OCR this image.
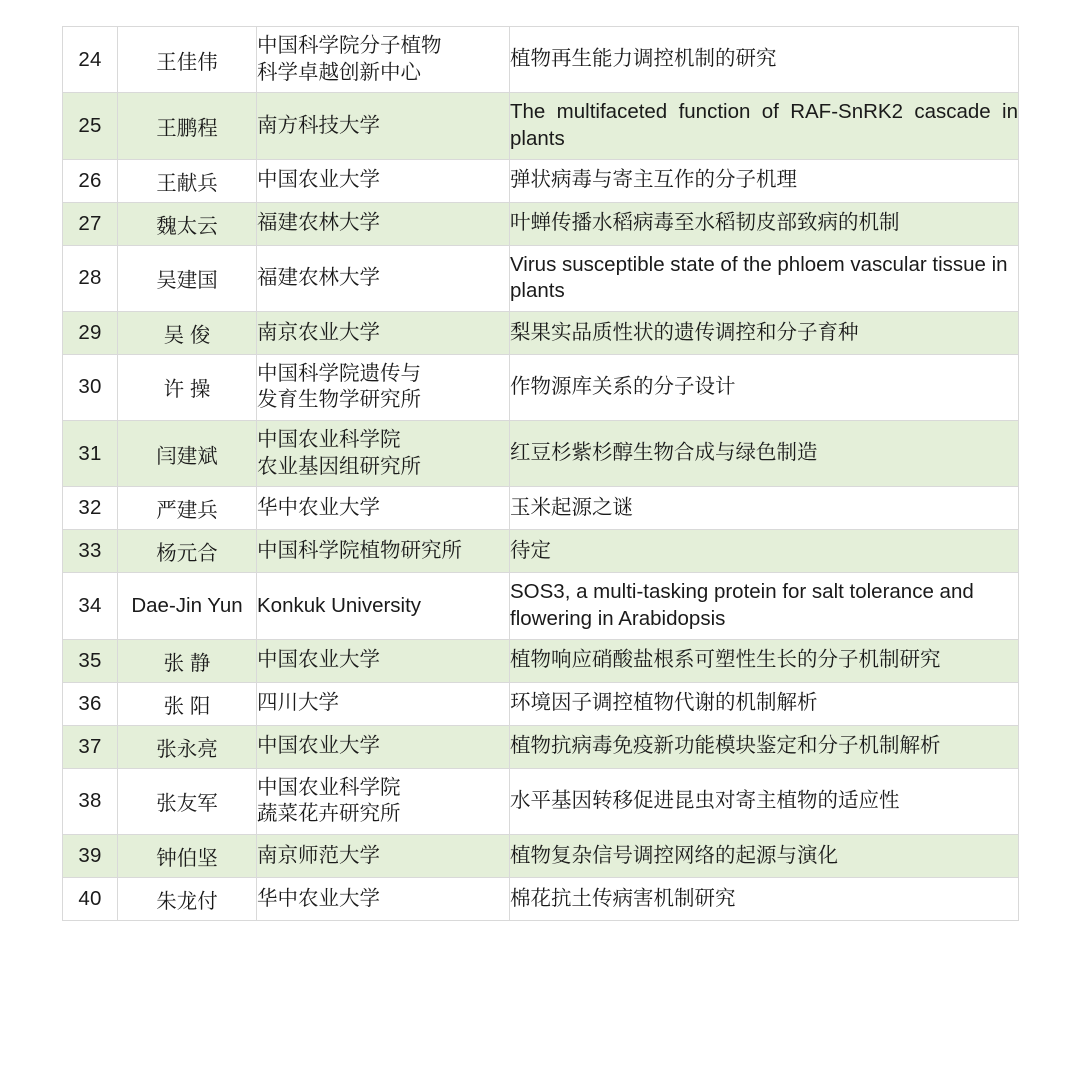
24	王佳伟	中国科学院分子植物
科学卓越创新中心	植物再生能力调控机制的研究
25	王鹏程	南方科技大学	The multifaceted function of RAF-SnRK2 cascade in plants
26	王献兵	中国农业大学	弹状病毒与寄主互作的分子机理
27	魏太云	福建农林大学	叶蝉传播水稻病毒至水稻韧皮部致病的机制
28	吴建国	福建农林大学	Virus susceptible state of the phloem vascular tissue in plants
29	吴 俊	南京农业大学	梨果实品质性状的遗传调控和分子育种
30	许 操	中国科学院遗传与
发育生物学研究所	作物源库关系的分子设计
31	闫建斌	中国农业科学院
农业基因组研究所	红豆杉紫杉醇生物合成与绿色制造
32	严建兵	华中农业大学	玉米起源之谜
33	杨元合	中国科学院植物研究所	待定
34	Dae-Jin Yun	Konkuk University	SOS3, a multi-tasking protein for salt tolerance and flowering in Arabidopsis
35	张 静	中国农业大学	植物响应硝酸盐根系可塑性生长的分子机制研究
36	张 阳	四川大学	环境因子调控植物代谢的机制解析
37	张永亮	中国农业大学	植物抗病毒免疫新功能模块鉴定和分子机制解析
38	张友军	中国农业科学院
蔬菜花卉研究所	水平基因转移促进昆虫对寄主植物的适应性
39	钟伯坚	南京师范大学	植物复杂信号调控网络的起源与演化
40	朱龙付	华中农业大学	棉花抗土传病害机制研究
